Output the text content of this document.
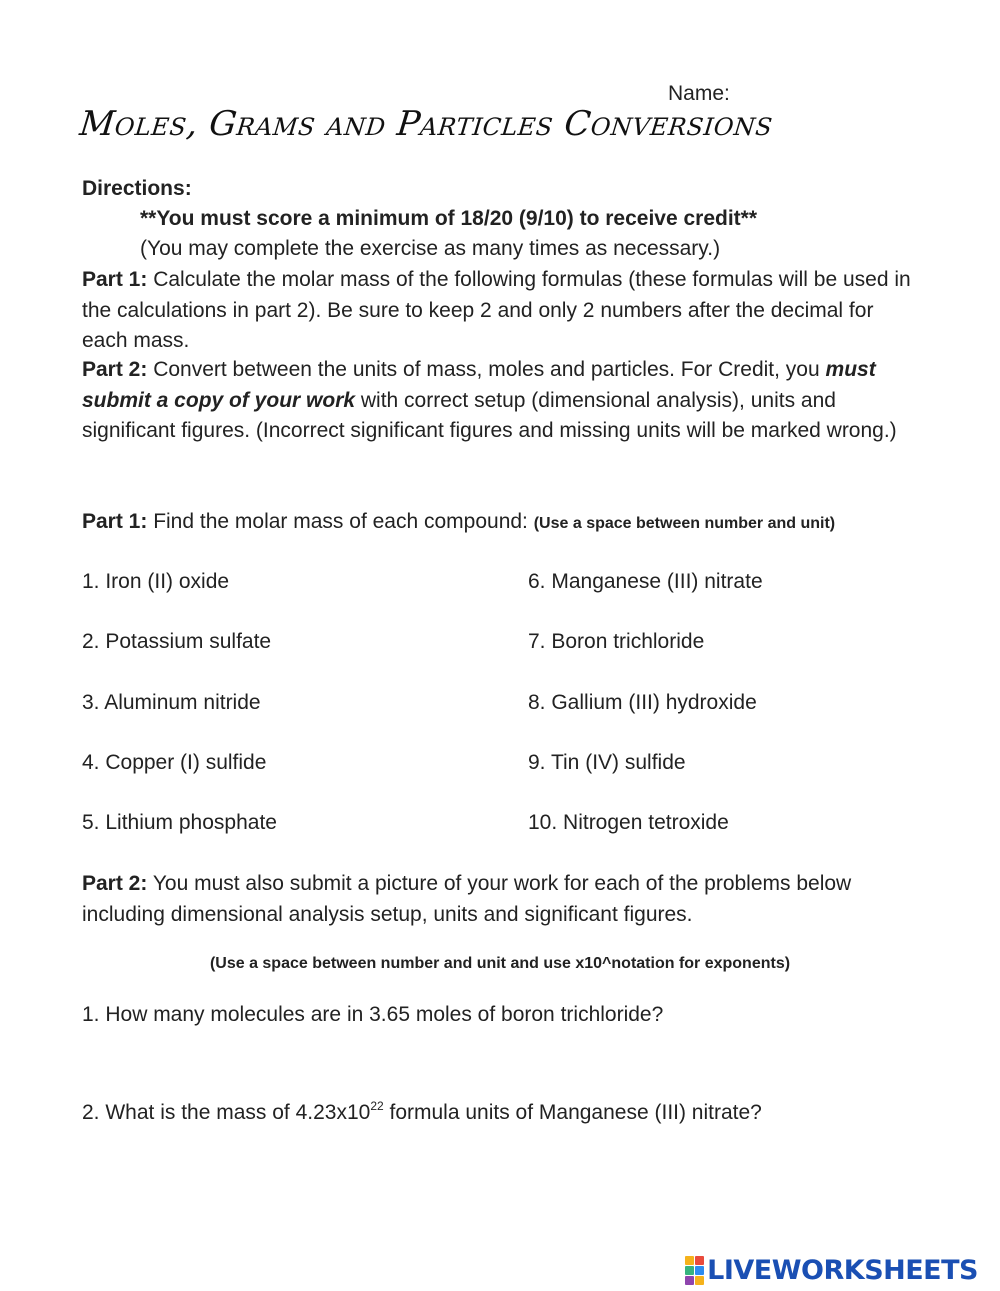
Name:
Moles, Grams and Particles Conversions
Directions:
**You must score a minimum of 18/20 (9/10) to receive credit**
(You may complete the exercise as many times as necessary.)
Part 1: Calculate the molar mass of the following formulas (these formulas will be used in the calculations in part 2). Be sure to keep 2 and only 2 numbers after the decimal for each mass.
Part 2: Convert between the units of mass, moles and particles. For Credit, you must submit a copy of your work with correct setup (dimensional analysis), units and significant figures. (Incorrect significant figures and missing units will be marked wrong.)
Part 1: Find the molar mass of each compound: (Use a space between number and unit)
1. Iron (II) oxide
2. Potassium sulfate
3. Aluminum nitride
4. Copper (I) sulfide
5. Lithium phosphate
6. Manganese (III) nitrate
7. Boron trichloride
8. Gallium (III) hydroxide
9. Tin (IV) sulfide
10. Nitrogen tetroxide
Part 2: You must also submit a picture of your work for each of the problems below including dimensional analysis setup, units and significant figures.
(Use a space between number and unit and use x10^notation for exponents)
1. How many molecules are in 3.65 moles of boron trichloride?
2. What is the mass of $4.23x10^{22}$ formula units of Manganese (III) nitrate?
LIVEWORKSHEETS
